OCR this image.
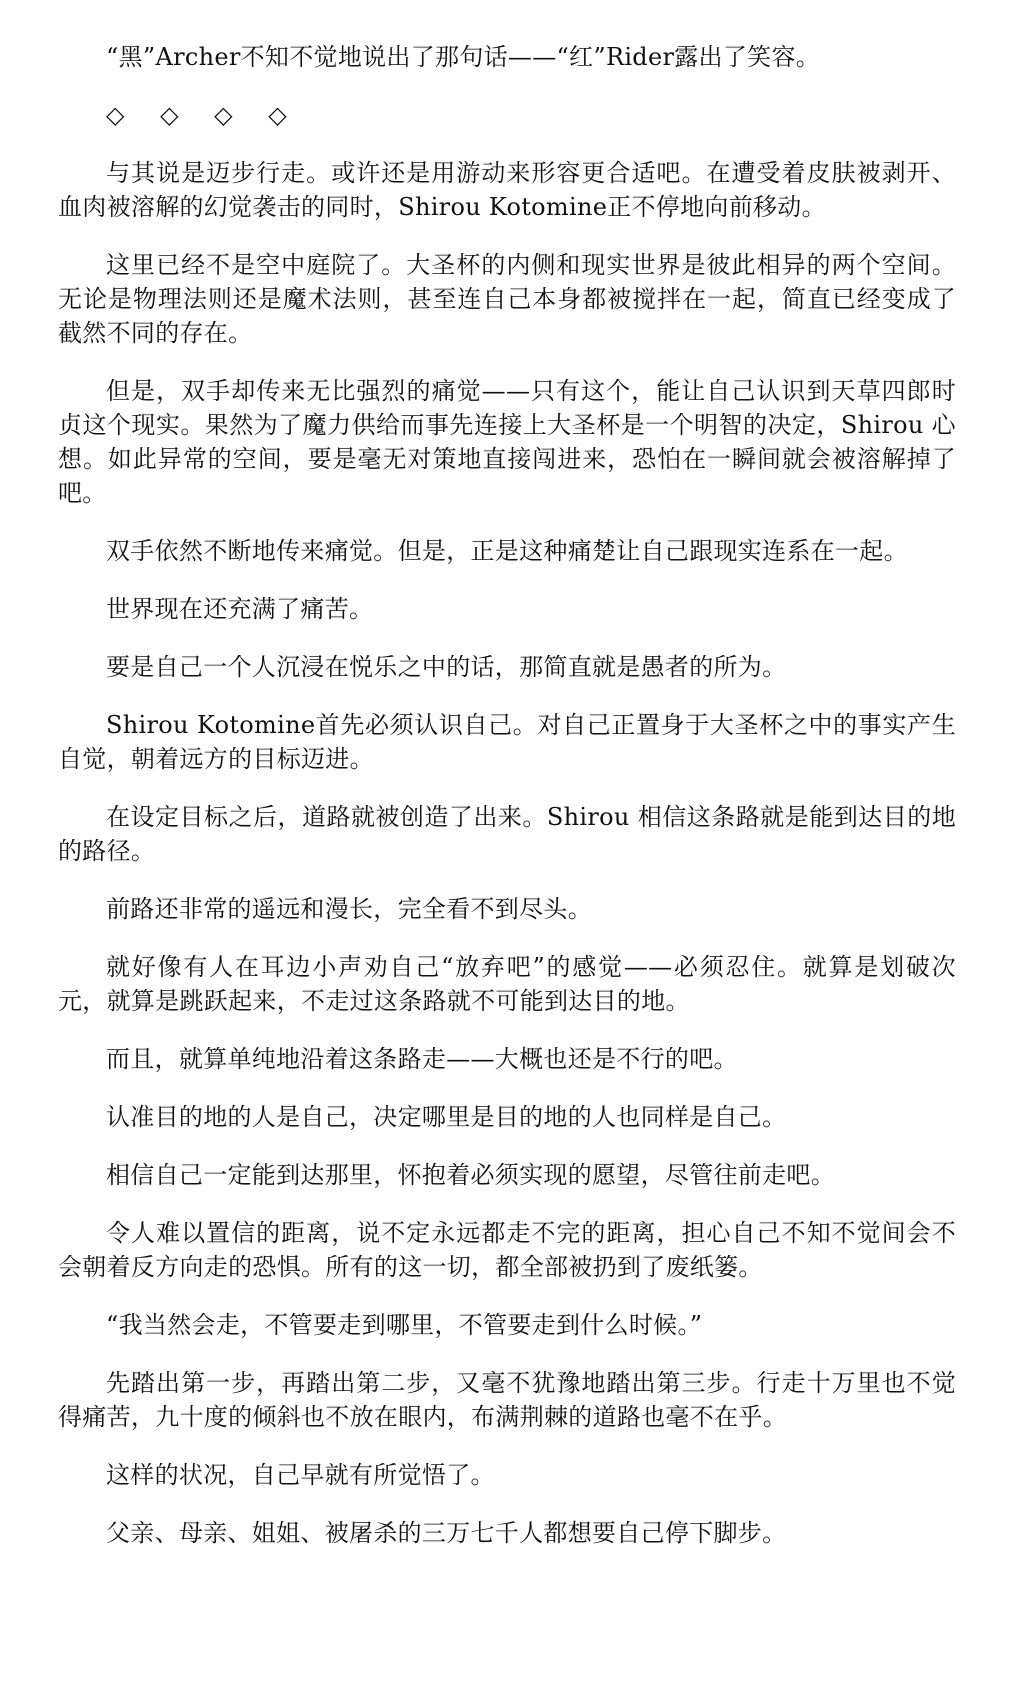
“黑”Archer不知不觉地说出了那句话——“红”Rider露出了笑容。

◇ ◇ ◇ ◇

与其说是迈步行走。或许还是用游动来形容更合适吧。在遭受着皮肤被剥开、血肉被溶解的幻觉袭击的同时，Shirou Kotomine正不停地向前移动。

这里已经不是空中庭院了。大圣杯的内侧和现实世界是彼此相异的两个空间。无论是物理法则还是魔术法则，甚至连自己本身都被搅拌在一起，简直已经变成了截然不同的存在。

但是，双手却传来无比强烈的痛觉——只有这个，能让自己认识到天草四郎时贞这个现实。果然为了魔力供给而事先连接上大圣杯是一个明智的决定，Shirou 心想。如此异常的空间，要是毫无对策地直接闯进来，恐怕在一瞬间就会被溶解掉了吧。

双手依然不断地传来痛觉。但是，正是这种痛楚让自己跟现实连系在一起。

世界现在还充满了痛苦。

要是自己一个人沉浸在悦乐之中的话，那简直就是愚者的所为。

Shirou Kotomine首先必须认识自己。对自己正置身于大圣杯之中的事实产生自觉，朝着远方的目标迈进。

在设定目标之后，道路就被创造了出来。Shirou 相信这条路就是能到达目的地的路径。

前路还非常的遥远和漫长，完全看不到尽头。

就好像有人在耳边小声劝自己“放弃吧”的感觉——必须忍住。就算是划破次元，就算是跳跃起来，不走过这条路就不可能到达目的地。

而且，就算单纯地沿着这条路走——大概也还是不行的吧。

认准目的地的人是自己，决定哪里是目的地的人也同样是自己。

相信自己一定能到达那里，怀抱着必须实现的愿望，尽管往前走吧。

令人难以置信的距离，说不定永远都走不完的距离，担心自己不知不觉间会不会朝着反方向走的恐惧。所有的这一切，都全部被扔到了废纸篓。

“我当然会走，不管要走到哪里，不管要走到什么时候。”

先踏出第一步，再踏出第二步，又毫不犹豫地踏出第三步。行走十万里也不觉得痛苦，九十度的倾斜也不放在眼内，布满荆棘的道路也毫不在乎。

这样的状况，自己早就有所觉悟了。

父亲、母亲、姐姐、被屠杀的三万七千人都想要自己停下脚步。
